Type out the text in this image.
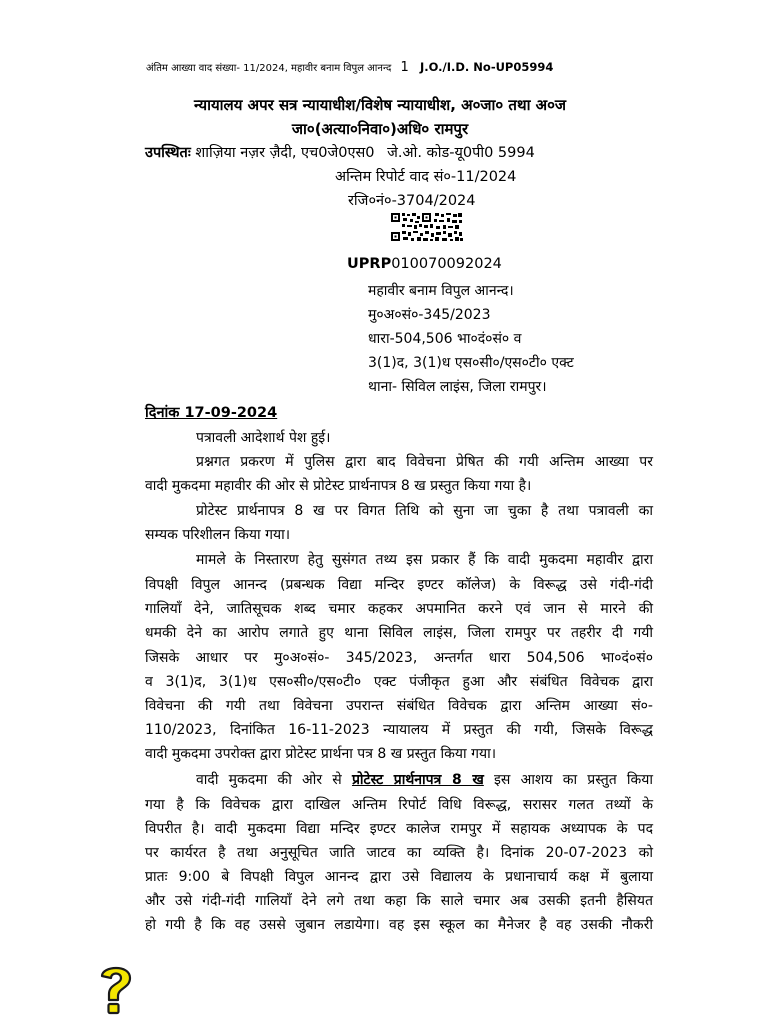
अंतिम आख्या वाद संख्या- 11/2024, महावीर बनाम विपुल आनन्द 1 J.O./I.D. No-UP05994
न्यायालय अपर सत्र न्यायाधीश/विशेष न्यायाधीश, अ०जा० तथा अ०ज
जा०(अत्या०निवा०)अधि० रामपुर
उपस्थितः शाज़िया नज़र ज़ैदी, एच0जे0एस0 जे.ओ. कोड-यू0पी0 5994
अन्तिम रिपोर्ट वाद सं०-11/2024
रजि०नं०-3704/2024
UPRP010070092024
महावीर बनाम विपुल आनन्द।
मु०अ०सं०-345/2023
धारा-504,506 भा०दं०सं० व
3(1)द, 3(1)ध एस०सी०/एस०टी० एक्ट
थाना- सिविल लाइंस, जिला रामपुर।
दिनांक 17-09-2024
पत्रावली आदेशार्थ पेश हुई।
प्रश्नगत प्रकरण में पुलिस द्वारा बाद विवेचना प्रेषित की गयी अन्तिम आख्या पर
वादी मुकदमा महावीर की ओर से प्रोटेस्ट प्रार्थनापत्र 8 ख प्रस्तुत किया गया है।
प्रोटेस्ट प्रार्थनापत्र 8 ख पर विगत तिथि को सुना जा चुका है तथा पत्रावली का
सम्यक परिशीलन किया गया।
मामले के निस्तारण हेतु सुसंगत तथ्य इस प्रकार हैं कि वादी मुकदमा महावीर द्वारा
विपक्षी विपुल आनन्द (प्रबन्धक विद्या मन्दिर इण्टर कॉलेज) के विरूद्ध उसे गंदी-गंदी
गालियाँ देने, जातिसूचक शब्द चमार कहकर अपमानित करने एवं जान से मारने की
धमकी देने का आरोप लगाते हुए थाना सिविल लाइंस, जिला रामपुर पर तहरीर दी गयी
जिसके आधार पर मु०अ०सं०- 345/2023, अन्तर्गत धारा 504,506 भा०दं०सं०
व 3(1)द, 3(1)ध एस०सी०/एस०टी० एक्ट पंजीकृत हुआ और संबंधित विवेचक द्वारा
विवेचना की गयी तथा विवेचना उपरान्त संबंधित विवेचक द्वारा अन्तिम आख्या सं०-
110/2023, दिनांकित 16-11-2023 न्यायालय में प्रस्तुत की गयी, जिसके विरूद्ध
वादी मुकदमा उपरोक्त द्वारा प्रोटेस्ट प्रार्थना पत्र 8 ख प्रस्तुत किया गया।
वादी मुकदमा की ओर से प्रोटेस्ट प्रार्थनापत्र 8 ख इस आशय का प्रस्तुत किया
गया है कि विवेचक द्वारा दाखिल अन्तिम रिपोर्ट विधि विरूद्ध, सरासर गलत तथ्यों के
विपरीत है। वादी मुकदमा विद्या मन्दिर इण्टर कालेज रामपुर में सहायक अध्यापक के पद
पर कार्यरत है तथा अनुसूचित जाति जाटव का व्यक्ति है। दिनांक 20-07-2023 को
प्रातः 9:00 बे विपक्षी विपुल आनन्द द्वारा उसे विद्यालय के प्रधानाचार्य कक्ष में बुलाया
और उसे गंदी-गंदी गालियाँ देने लगे तथा कहा कि साले चमार अब उसकी इतनी हैसियत
हो गयी है कि वह उससे जुबान लडायेगा। वह इस स्कूल का मैनेजर है वह उसकी नौकरी
